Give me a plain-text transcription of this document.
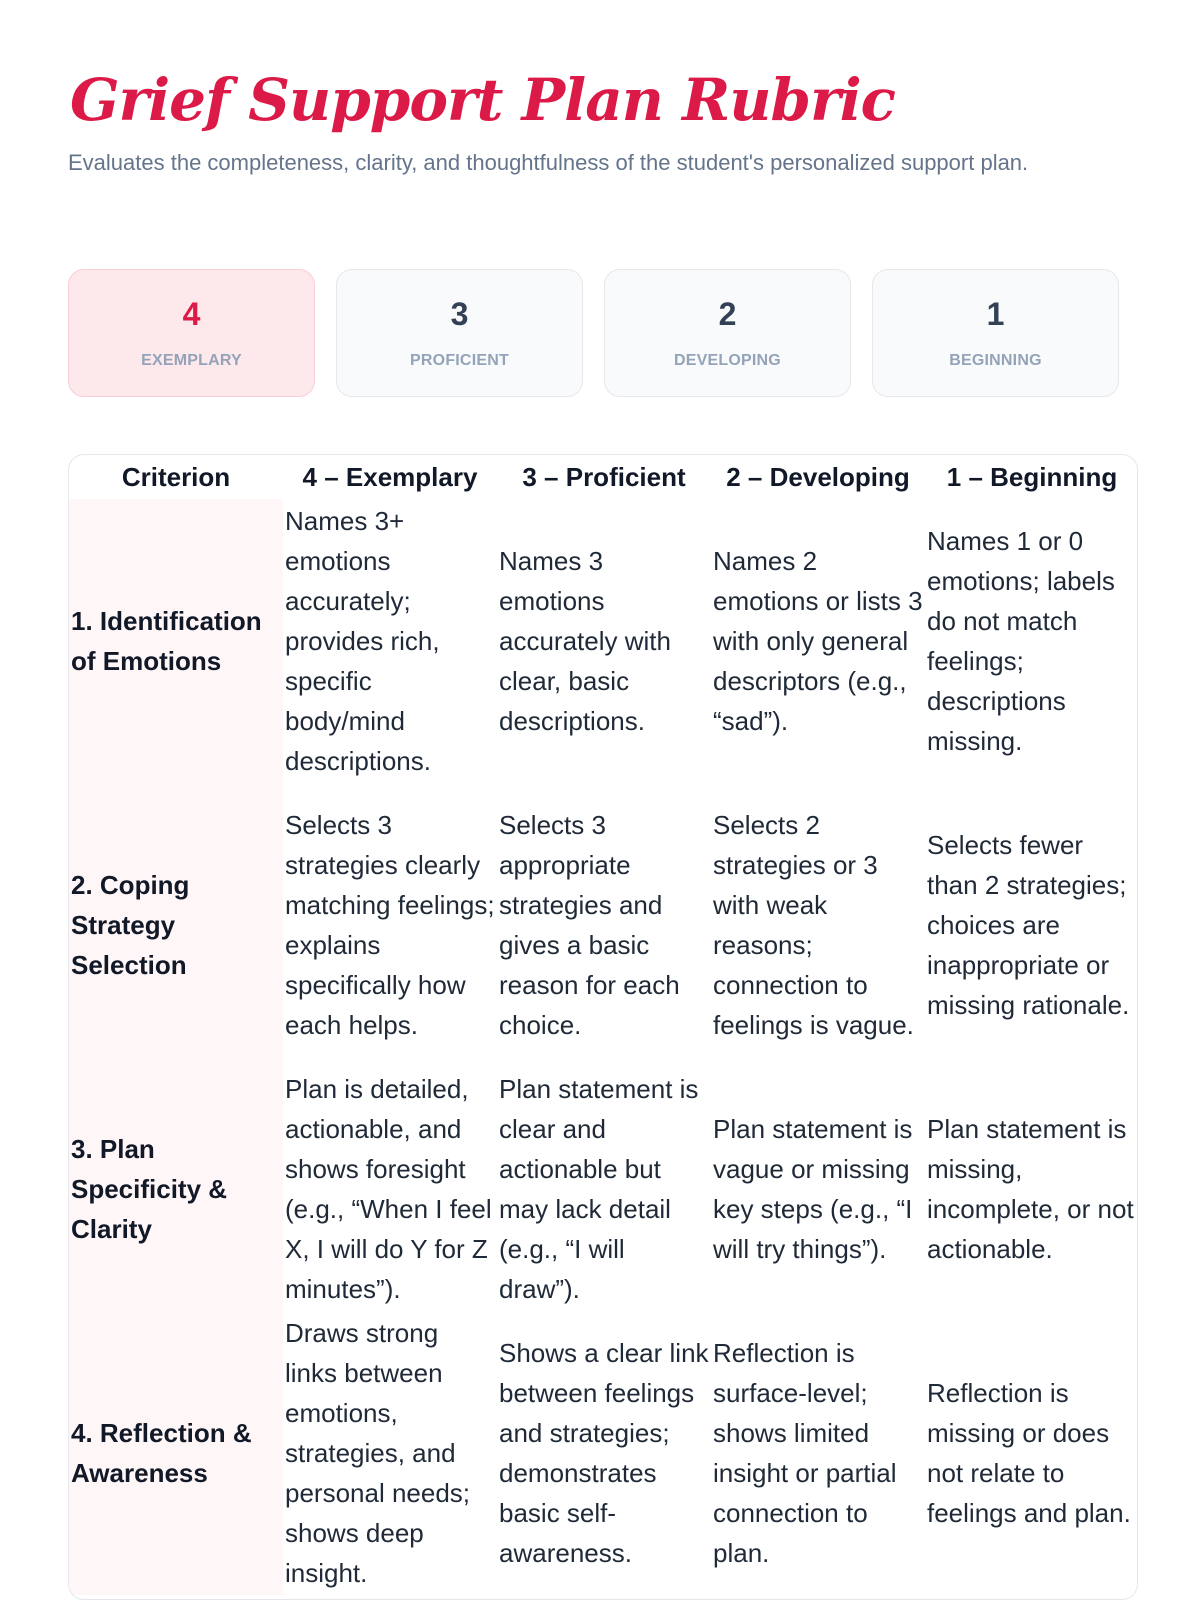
Grief Support Plan Rubric

Evaluates the completeness, clarity, and thoughtfulness of the student's personalized support plan.

4
EXEMPLARY
3
PROFICIENT
2
DEVELOPING
1
BEGINNING
Criterion	4 – Exemplary	3 – Proficient	2 – Developing	1 – Beginning
1. Identification of Emotions	Names 3+ emotions accurately; provides rich, specific body/mind descriptions.	Names 3 emotions accurately with clear, basic descriptions.	Names 2 emotions or lists 3 with only general descriptors (e.g., “sad”).	Names 1 or 0 emotions; labels do not match feelings; descriptions missing.
2. Coping Strategy Selection	Selects 3 strategies clearly matching feelings; explains specifically how each helps.	Selects 3 appropriate strategies and gives a basic reason for each choice.	Selects 2 strategies or 3 with weak reasons; connection to feelings is vague.	Selects fewer than 2 strategies; choices are inappropriate or missing rationale.
3. Plan Specificity & Clarity	Plan is detailed, actionable, and shows foresight (e.g., “When I feel X, I will do Y for Z minutes”).	Plan statement is clear and actionable but may lack detail (e.g., “I will draw”).	Plan statement is vague or missing key steps (e.g., “I will try things”).	Plan statement is missing, incomplete, or not actionable.
4. Reflection & Awareness	Draws strong links between emotions, strategies, and personal needs; shows deep insight.	Shows a clear link between feelings and strategies; demonstrates basic self-awareness.	Reflection is surface-level; shows limited insight or partial connection to plan.	Reflection is missing or does not relate to feelings and plan.
